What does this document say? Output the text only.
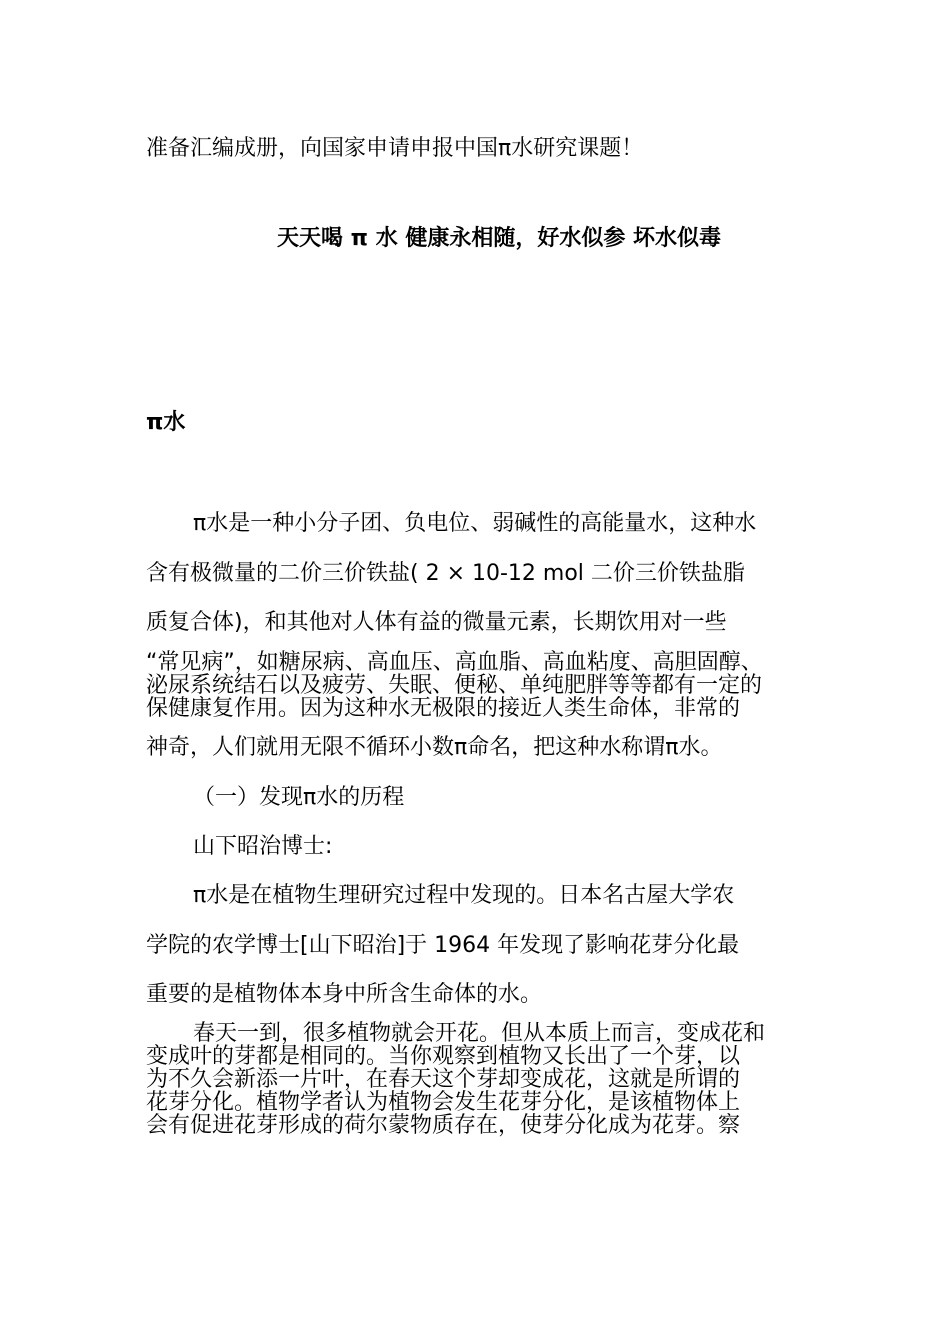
准备汇编成册，向国家申请申报中国π水研究课题！
天天喝 π 水 健康永相随，好水似参 坏水似毒
π水
π水是一种小分子团、负电位、弱碱性的高能量水，这种水
含有极微量的二价三价铁盐( 2 × 10-12 mol 二价三价铁盐脂
质复合体)，和其他对人体有益的微量元素，长期饮用对一些
“常见病”，如糖尿病、高血压、高血脂、高血粘度、高胆固醇、
泌尿系统结石以及疲劳、失眠、便秘、单纯肥胖等等都有一定的
保健康复作用。因为这种水无极限的接近人类生命体，非常的
神奇，人们就用无限不循环小数π命名，把这种水称谓π水。
（一）发现π水的历程
山下昭治博士:
π水是在植物生理研究过程中发现的。日本名古屋大学农
学院的农学博士[山下昭治]于 1964 年发现了影响花芽分化最
重要的是植物体本身中所含生命体的水。
春天一到，很多植物就会开花。但从本质上而言，变成花和
变成叶的芽都是相同的。当你观察到植物又长出了一个芽，以
为不久会新添一片叶，在春天这个芽却变成花，这就是所谓的
花芽分化。植物学者认为植物会发生花芽分化，是该植物体上
会有促进花芽形成的荷尔蒙物质存在，使芽分化成为花芽。察
